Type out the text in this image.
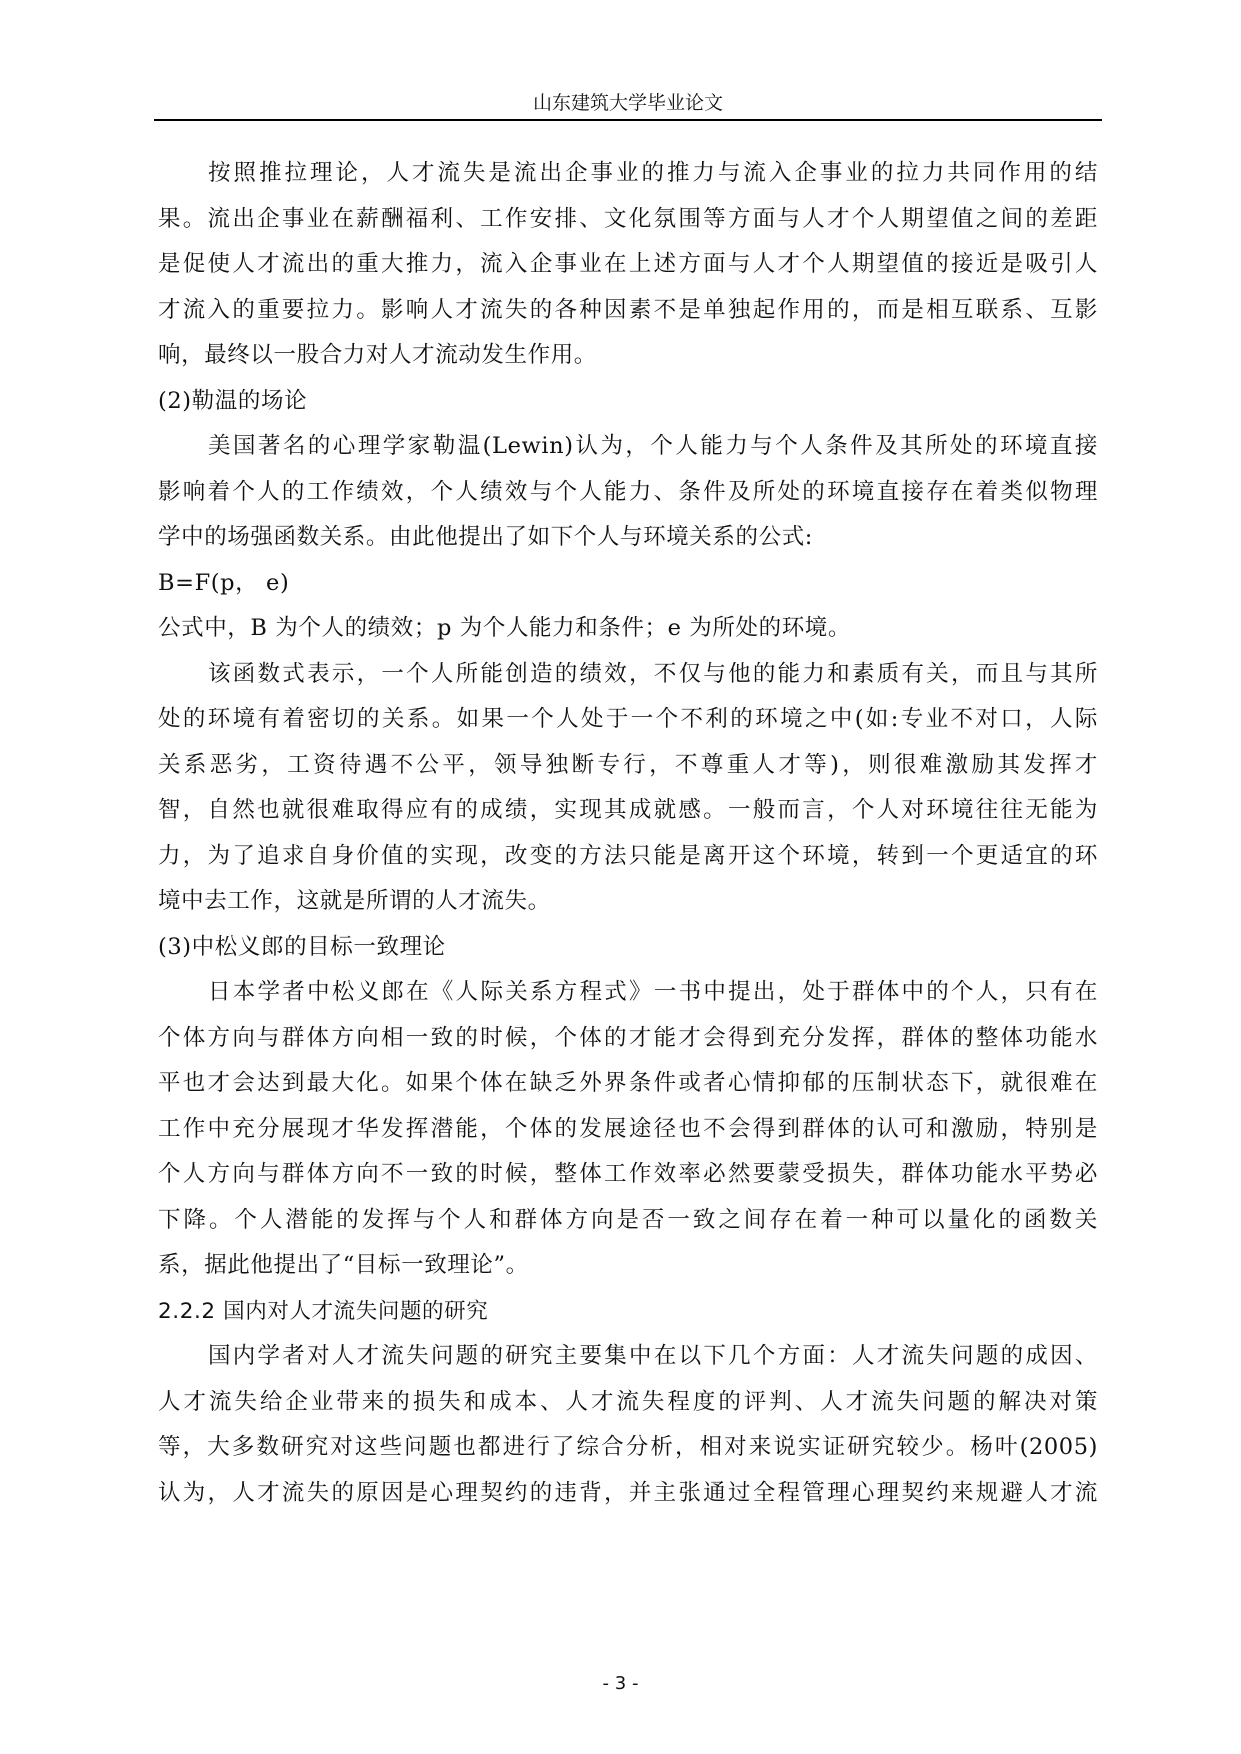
山东建筑大学毕业论文
按照推拉理论，人才流失是流出企事业的推力与流入企事业的拉力共同作用的结
果。流出企事业在薪酬福利、工作安排、文化氛围等方面与人才个人期望值之间的差距
是促使人才流出的重大推力，流入企事业在上述方面与人才个人期望值的接近是吸引人
才流入的重要拉力。影响人才流失的各种因素不是单独起作用的，而是相互联系、互影
响，最终以一股合力对人才流动发生作用。
(2)勒温的场论
美国著名的心理学家勒温(Lewin)认为，个人能力与个人条件及其所处的环境直接
影响着个人的工作绩效，个人绩效与个人能力、条件及所处的环境直接存在着类似物理
学中的场强函数关系。由此他提出了如下个人与环境关系的公式:
B=F(p， e)
公式中，B 为个人的绩效；p 为个人能力和条件；e 为所处的环境。
该函数式表示，一个人所能创造的绩效，不仅与他的能力和素质有关，而且与其所
处的环境有着密切的关系。如果一个人处于一个不利的环境之中(如:专业不对口，人际
关系恶劣，工资待遇不公平，领导独断专行，不尊重人才等)，则很难激励其发挥才
智，自然也就很难取得应有的成绩，实现其成就感。一般而言，个人对环境往往无能为
力，为了追求自身价值的实现，改变的方法只能是离开这个环境，转到一个更适宜的环
境中去工作，这就是所谓的人才流失。
(3)中松义郎的目标一致理论
日本学者中松义郎在《人际关系方程式》一书中提出，处于群体中的个人，只有在
个体方向与群体方向相一致的时候，个体的才能才会得到充分发挥，群体的整体功能水
平也才会达到最大化。如果个体在缺乏外界条件或者心情抑郁的压制状态下，就很难在
工作中充分展现才华发挥潜能，个体的发展途径也不会得到群体的认可和激励，特别是
个人方向与群体方向不一致的时候，整体工作效率必然要蒙受损失，群体功能水平势必
下降。个人潜能的发挥与个人和群体方向是否一致之间存在着一种可以量化的函数关
系，据此他提出了“目标一致理论”。
2.2.2 国内对人才流失问题的研究
国内学者对人才流失问题的研究主要集中在以下几个方面：人才流失问题的成因、
人才流失给企业带来的损失和成本、人才流失程度的评判、人才流失问题的解决对策
等，大多数研究对这些问题也都进行了综合分析，相对来说实证研究较少。杨叶(2005)
认为，人才流失的原因是心理契约的违背，并主张通过全程管理心理契约来规避人才流
- 3 -
